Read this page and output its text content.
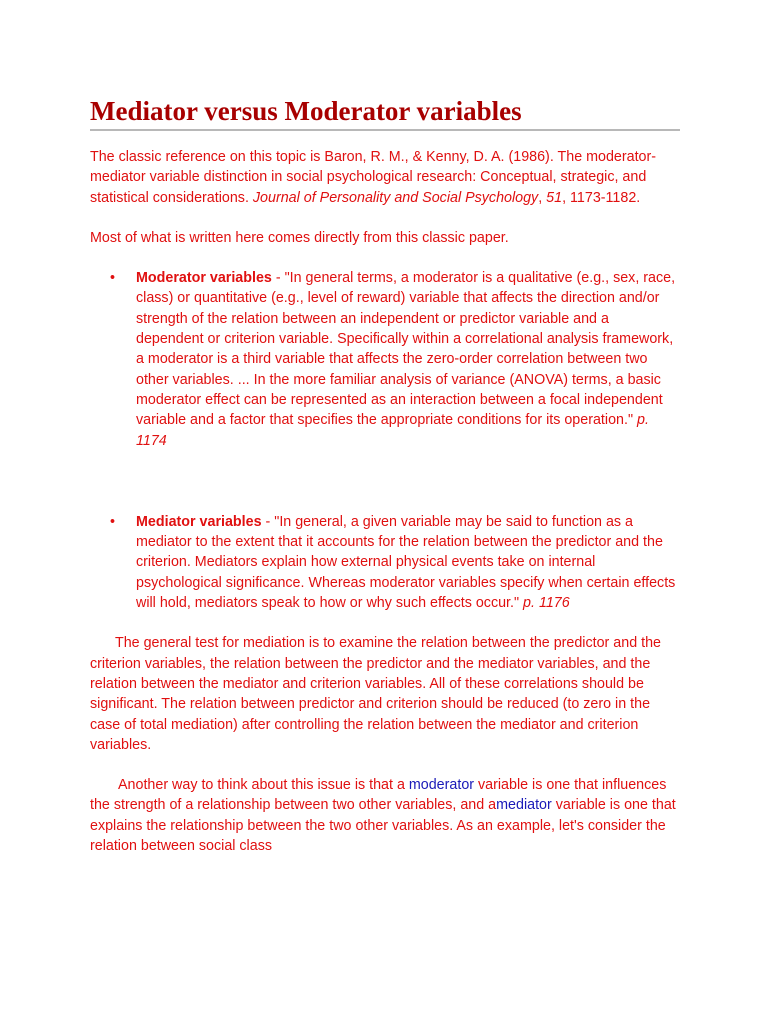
Mediator versus Moderator variables

The classic reference on this topic is Baron, R. M., & Kenny, D. A. (1986). The moderator-mediator variable distinction in social psychological research: Conceptual, strategic, and statistical considerations. Journal of Personality and Social Psychology, 51, 1173-1182.

Most of what is written here comes directly from this classic paper.

• Moderator variables - "In general terms, a moderator is a qualitative (e.g., sex, race, class) or quantitative (e.g., level of reward) variable that affects the direction and/or strength of the relation between an independent or predictor variable and a dependent or criterion variable. Specifically within a correlational analysis framework, a moderator is a third variable that affects the zero-order correlation between two other variables. ... In the more familiar analysis of variance (ANOVA) terms, a basic moderator effect can be represented as an interaction between a focal independent variable and a factor that specifies the appropriate conditions for its operation." p. 1174
• Mediator variables - "In general, a given variable may be said to function as a mediator to the extent that it accounts for the relation between the predictor and the criterion. Mediators explain how external physical events take on internal psychological significance. Whereas moderator variables specify when certain effects will hold, mediators speak to how or why such effects occur." p. 1176

The general test for mediation is to examine the relation between the predictor and the criterion variables, the relation between the predictor and the mediator variables, and the relation between the mediator and criterion variables. All of these correlations should be significant. The relation between predictor and criterion should be reduced (to zero in the case of total mediation) after controlling the relation between the mediator and criterion variables.

Another way to think about this issue is that a moderator variable is one that influences the strength of a relationship between two other variables, and amediator variable is one that explains the relationship between the two other variables. As an example, let's consider the relation between social class
